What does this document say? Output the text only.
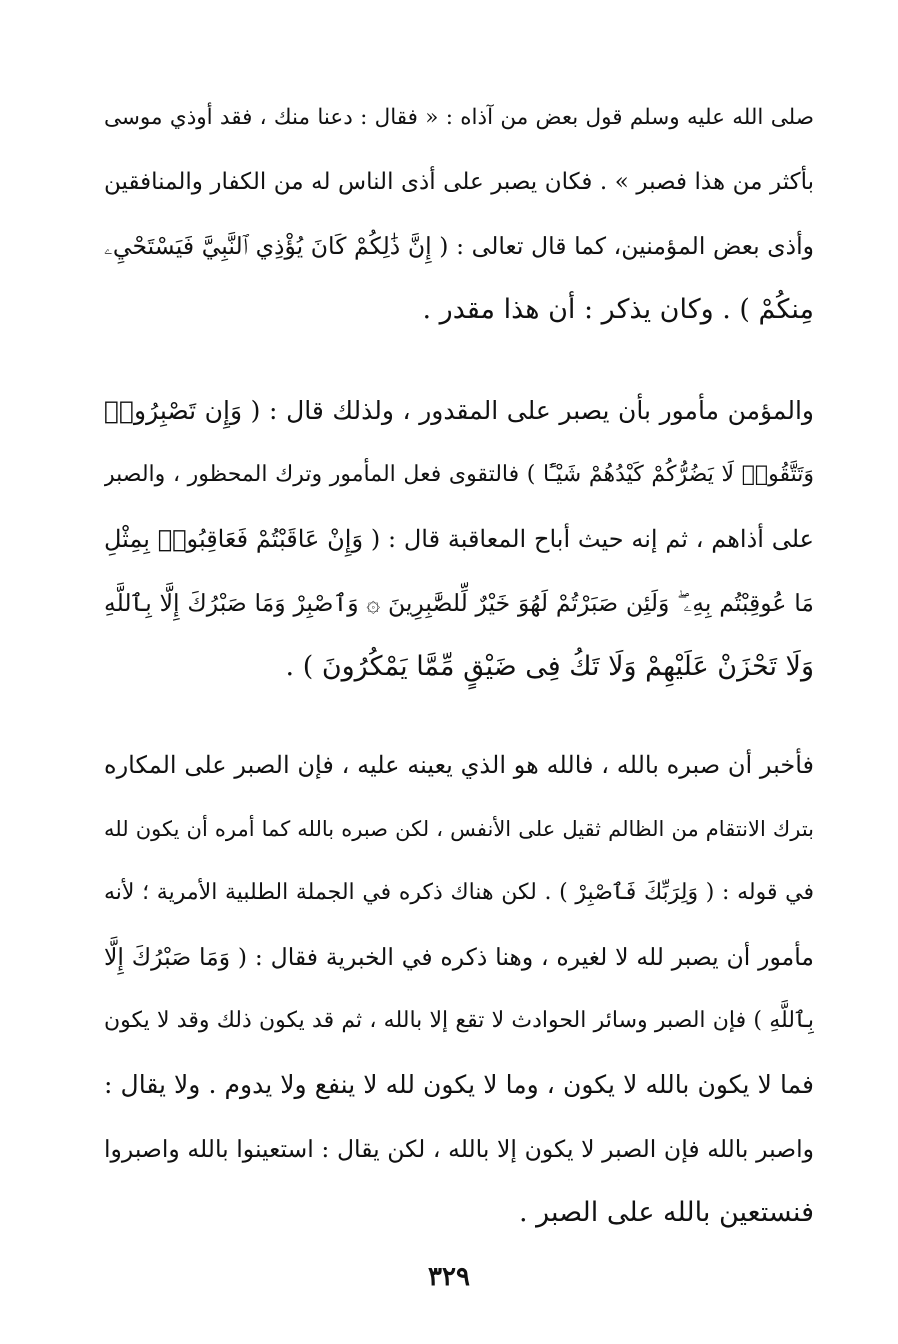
صلى الله عليه وسلم قول بعض من آذاه : « فقال : دعنا منك ، فقد أوذي موسى
بأكثر من هذا فصبر » . فكان يصبر على أذى الناس له من الكفار والمنافقين
وأذى بعض المؤمنين، كما قال تعالى : ( إِنَّ ذَٰلِكُمْ كَانَ يُؤْذِي ٱلنَّبِيَّ فَيَسْتَحْيِۦ
مِنكُمْ ) . وكان يذكر : أن هذا مقدر .
والمؤمن مأمور بأن يصبر على المقدور ، ولذلك قال : ( وَإِن تَصْبِرُوا۟
وَتَتَّقُوا۟ لَا يَضُرُّكُمْ كَيْدُهُمْ شَيْـًٔا ) فالتقوى فعل المأمور وترك المحظور ، والصبر
على أذاهم ، ثم إنه حيث أباح المعاقبة قال : ( وَإِنْ عَاقَبْتُمْ فَعَاقِبُوا۟ بِمِثْلِ
مَا عُوقِبْتُم بِهِۦ ۖ وَلَئِن صَبَرْتُمْ لَهُوَ خَيْرٌ لِّلصَّٰبِرِينَ ۞ وَٱصْبِرْ وَمَا صَبْرُكَ إِلَّا بِٱللَّهِ
وَلَا تَحْزَنْ عَلَيْهِمْ وَلَا تَكُ فِى ضَيْقٍ مِّمَّا يَمْكُرُونَ ) .
فأخبر أن صبره بالله ، فالله هو الذي يعينه عليه ، فإن الصبر على المكاره
بترك الانتقام من الظالم ثقيل على الأنفس ، لكن صبره بالله كما أمره أن يكون لله
في قوله : ( وَلِرَبِّكَ فَٱصْبِرْ ) . لكن هناك ذكره في الجملة الطلبية الأمرية ؛ لأنه
مأمور أن يصبر لله لا لغيره ، وهنا ذكره في الخبرية فقال : ( وَمَا صَبْرُكَ إِلَّا
بِٱللَّهِ ) فإن الصبر وسائر الحوادث لا تقع إلا بالله ، ثم قد يكون ذلك وقد لا يكون
فما لا يكون بالله لا يكون ، وما لا يكون لله لا ينفع ولا يدوم . ولا يقال :
واصبر بالله فإن الصبر لا يكون إلا بالله ، لكن يقال : استعينوا بالله واصبروا
فنستعين بالله على الصبر .
٣٢٩
